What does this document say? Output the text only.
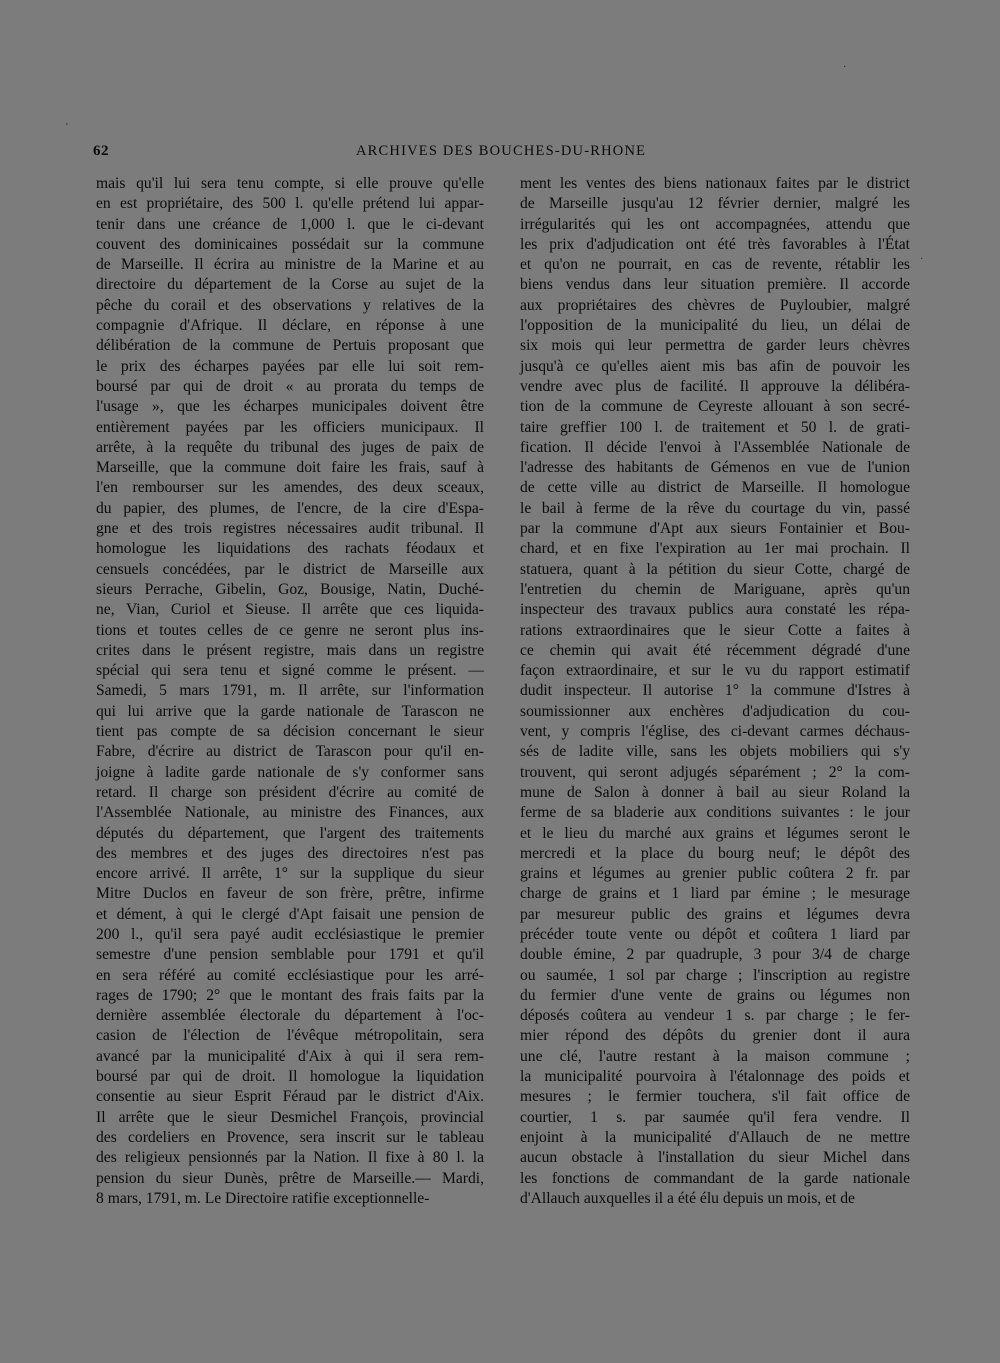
62	ARCHIVES DES BOUCHES-DU-RHONE
mais qu'il lui sera tenu compte, si elle prouve qu'elle
en est propriétaire, des 500 l. qu'elle prétend lui appar-
tenir dans une créance de 1,000 l. que le ci-devant
couvent des dominicaines possédait sur la commune
de Marseille. Il écrira au ministre de la Marine et au
directoire du département de la Corse au sujet de la
pêche du corail et des observations y relatives de la
compagnie d'Afrique. Il déclare, en réponse à une
délibération de la commune de Pertuis proposant que
le prix des écharpes payées par elle lui soit rem-
boursé par qui de droit « au prorata du temps de
l'usage », que les écharpes municipales doivent être
entièrement payées par les officiers municipaux. Il
arrête, à la requête du tribunal des juges de paix de
Marseille, que la commune doit faire les frais, sauf à
l'en rembourser sur les amendes, des deux sceaux,
du papier, des plumes, de l'encre, de la cire d'Espa-
gne et des trois registres nécessaires audit tribunal. Il
homologue les liquidations des rachats féodaux et
censuels concédées, par le district de Marseille aux
sieurs Perrache, Gibelin, Goz, Bousige, Natin, Duché-
ne, Vian, Curiol et Sieuse. Il arrête que ces liquida-
tions et toutes celles de ce genre ne seront plus ins-
crites dans le présent registre, mais dans un registre
spécial qui sera tenu et signé comme le présent. —
Samedi, 5 mars 1791, m. Il arrête, sur l'information
qui lui arrive que la garde nationale de Tarascon ne
tient pas compte de sa décision concernant le sieur
Fabre, d'écrire au district de Tarascon pour qu'il en-
joigne à ladite garde nationale de s'y conformer sans
retard. Il charge son président d'écrire au comité de
l'Assemblée Nationale, au ministre des Finances, aux
députés du département, que l'argent des traitements
des membres et des juges des directoires n'est pas
encore arrivé. Il arrête, 1° sur la supplique du sieur
Mitre Duclos en faveur de son frère, prêtre, infirme
et dément, à qui le clergé d'Apt faisait une pension de
200 l., qu'il sera payé audit ecclésiastique le premier
semestre d'une pension semblable pour 1791 et qu'il
en sera référé au comité ecclésiastique pour les arré-
rages de 1790; 2° que le montant des frais faits par la
dernière assemblée électorale du département à l'oc-
casion de l'élection de l'évêque métropolitain, sera
avancé par la municipalité d'Aix à qui il sera rem-
boursé par qui de droit. Il homologue la liquidation
consentie au sieur Esprit Féraud par le district d'Aix.
Il arrête que le sieur Desmichel François, provincial
des cordeliers en Provence, sera inscrit sur le tableau
des religieux pensionnés par la Nation. Il fixe à 80 l. la
pension du sieur Dunès, prêtre de Marseille.— Mardi,
8 mars, 1791, m. Le Directoire ratifie exceptionnelle-
ment les ventes des biens nationaux faites par le district
de Marseille jusqu'au 12 février dernier, malgré les
irrégularités qui les ont accompagnées, attendu que
les prix d'adjudication ont été très favorables à l'État
et qu'on ne pourrait, en cas de revente, rétablir les
biens vendus dans leur situation première. Il accorde
aux propriétaires des chèvres de Puyloubier, malgré
l'opposition de la municipalité du lieu, un délai de
six mois qui leur permettra de garder leurs chèvres
jusqu'à ce qu'elles aient mis bas afin de pouvoir les
vendre avec plus de facilité. Il approuve la délibéra-
tion de la commune de Ceyreste allouant à son secré-
taire greffier 100 l. de traitement et 50 l. de grati-
fication. Il décide l'envoi à l'Assemblée Nationale de
l'adresse des habitants de Gémenos en vue de l'union
de cette ville au district de Marseille. Il homologue
le bail à ferme de la rêve du courtage du vin, passé
par la commune d'Apt aux sieurs Fontainier et Bou-
chard, et en fixe l'expiration au 1er mai prochain. Il
statuera, quant à la pétition du sieur Cotte, chargé de
l'entretien du chemin de Mariguane, après qu'un
inspecteur des travaux publics aura constaté les répa-
rations extraordinaires que le sieur Cotte a faites à
ce chemin qui avait été récemment dégradé d'une
façon extraordinaire, et sur le vu du rapport estimatif
dudit inspecteur. Il autorise 1° la commune d'Istres à
soumissionner aux enchères d'adjudication du cou-
vent, y compris l'église, des ci-devant carmes déchaus-
sés de ladite ville, sans les objets mobiliers qui s'y
trouvent, qui seront adjugés séparément ; 2° la com-
mune de Salon à donner à bail au sieur Roland la
ferme de sa bladerie aux conditions suivantes : le jour
et le lieu du marché aux grains et légumes seront le
mercredi et la place du bourg neuf; le dépôt des
grains et légumes au grenier public coûtera 2 fr. par
charge de grains et 1 liard par émine ; le mesurage
par mesureur public des grains et légumes devra
précéder toute vente ou dépôt et coûtera 1 liard par
double émine, 2 par quadruple, 3 pour 3/4 de charge
ou saumée, 1 sol par charge ; l'inscription au registre
du fermier d'une vente de grains ou légumes non
déposés coûtera au vendeur 1 s. par charge ; le fer-
mier répond des dépôts du grenier dont il aura
une clé, l'autre restant à la maison commune ;
la municipalité pourvoira à l'étalonnage des poids et
mesures ; le fermier touchera, s'il fait office de
courtier, 1 s. par saumée qu'il fera vendre. Il
enjoint à la municipalité d'Allauch de ne mettre
aucun obstacle à l'installation du sieur Michel dans
les fonctions de commandant de la garde nationale
d'Allauch auxquelles il a été élu depuis un mois, et de
'
·
·
